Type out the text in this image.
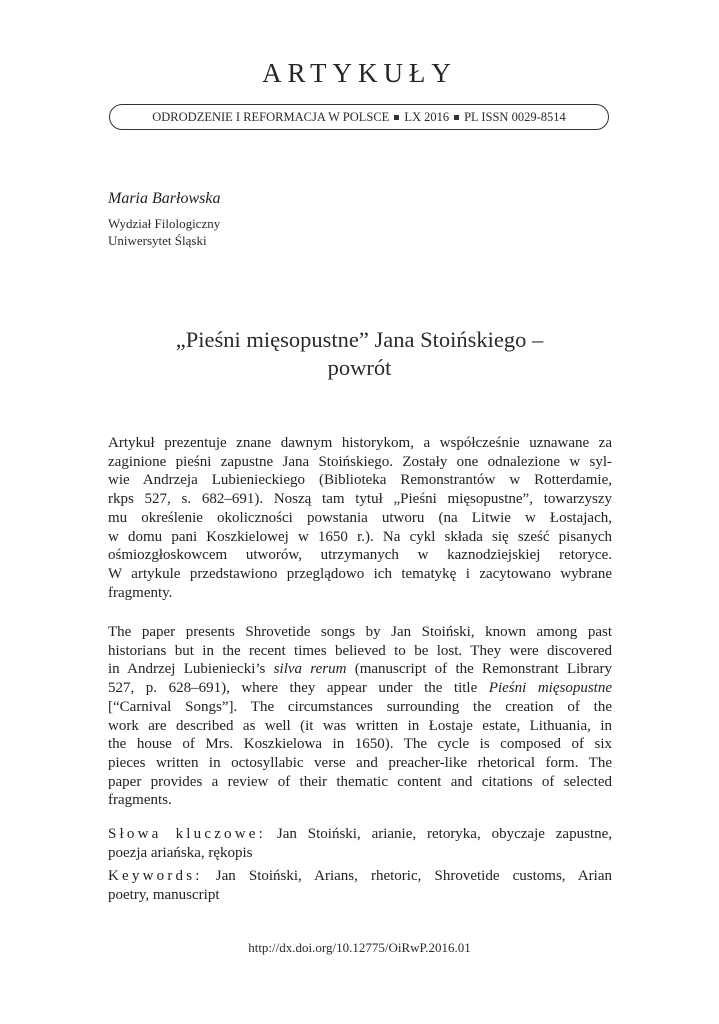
ARTYKUŁY
ODRODZENIE I REFORMACJA W POLSCE LX 2016 PL ISSN 0029-8514
Maria Barłowska
Wydział Filologiczny
Uniwersytet Śląski
„Pieśni mięsopustne” Jana Stoińskiego –
powrót
Artykuł prezentuje znane dawnym historykom, a współcześnie uznawane za
zaginione pieśni zapustne Jana Stoińskiego. Zostały one odnalezione w syl-
wie Andrzeja Lubienieckiego (Biblioteka Remonstrantów w Rotterdamie,
rkps 527, s. 682–691). Noszą tam tytuł „Pieśni mięsopustne”, towarzyszy
mu określenie okoliczności powstania utworu (na Litwie w Łostajach,
w domu pani Koszkielowej w 1650 r.). Na cykl składa się sześć pisanych
ośmiozgłoskowcem utworów, utrzymanych w kaznodziejskiej retoryce.
W artykule przedstawiono przeglądowo ich tematykę i zacytowano wybrane
fragmenty.
The paper presents Shrovetide songs by Jan Stoiński, known among past
historians but in the recent times believed to be lost. They were discovered
in Andrzej Lubieniecki’s silva rerum (manuscript of the Remonstrant Library
527, p. 628–691), where they appear under the title Pieśni mięsopustne
[“Carnival Songs”]. The circumstances surrounding the creation of the
work are described as well (it was written in Łostaje estate, Lithuania, in
the house of Mrs. Koszkielowa in 1650). The cycle is composed of six
pieces written in octosyllabic verse and preacher-like rhetorical form. The
paper provides a review of their thematic content and citations of selected
fragments.
Słowa kluczowe: Jan Stoiński, arianie, retoryka, obyczaje zapustne,
poezja ariańska, rękopis
Keywords: Jan Stoiński, Arians, rhetoric, Shrovetide customs, Arian
poetry, manuscript
http://dx.doi.org/10.12775/OiRwP.2016.01
